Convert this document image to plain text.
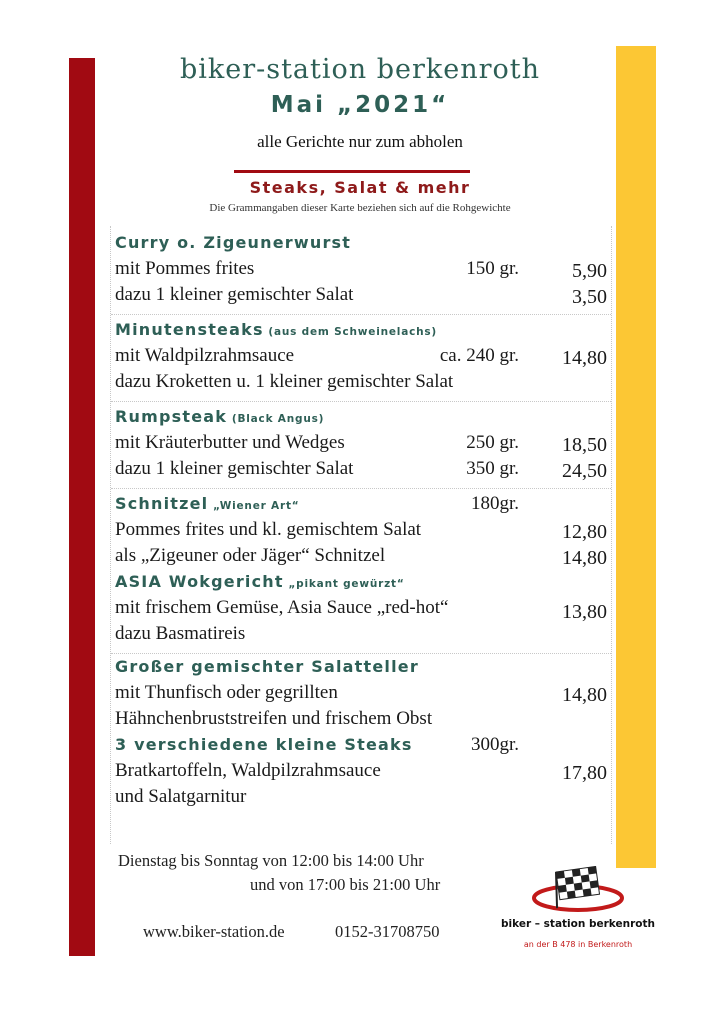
biker-station berkenroth
Mai „2021“
alle Gerichte nur zum abholen
Steaks, Salat & mehr
Die Grammangaben dieser Karte beziehen sich auf die Rohgewichte
Curry o. Zigeunerwurst
mit Pommes frites	150 gr.	5,90
dazu 1 kleiner gemischter Salat	3,50
Minutensteaks (aus dem Schweinelachs)
mit Waldpilzrahmsauce	ca. 240 gr. 14,80
dazu Kroketten u. 1 kleiner gemischter Salat
Rumpsteak (Black Angus)
mit Kräuterbutter und Wedges	250 gr. 18,50
dazu 1 kleiner gemischter Salat	350 gr. 24,50
Schnitzel „Wiener Art“	180gr.
Pommes frites und kl. gemischtem Salat	12,80
als „Zigeuner oder Jäger“ Schnitzel	14,80
ASIA Wokgericht „pikant gewürzt“
mit frischem Gemüse, Asia Sauce „red-hot“	13,80
dazu Basmatireis
Großer gemischter Salatteller
mit Thunfisch oder gegrillten	14,80
Hähnchenbruststreifen und frischem Obst
3 verschiedene kleine Steaks	300gr.
Bratkartoffeln, Waldpilzrahmsauce	17,80
und Salatgarnitur
Dienstag bis Sonntag von 12:00 bis 14:00 Uhr
und von 17:00 bis 21:00 Uhr
www.biker-station.de	0152-31708750	biker – station berkenroth
an der B 478 in Berkenroth
